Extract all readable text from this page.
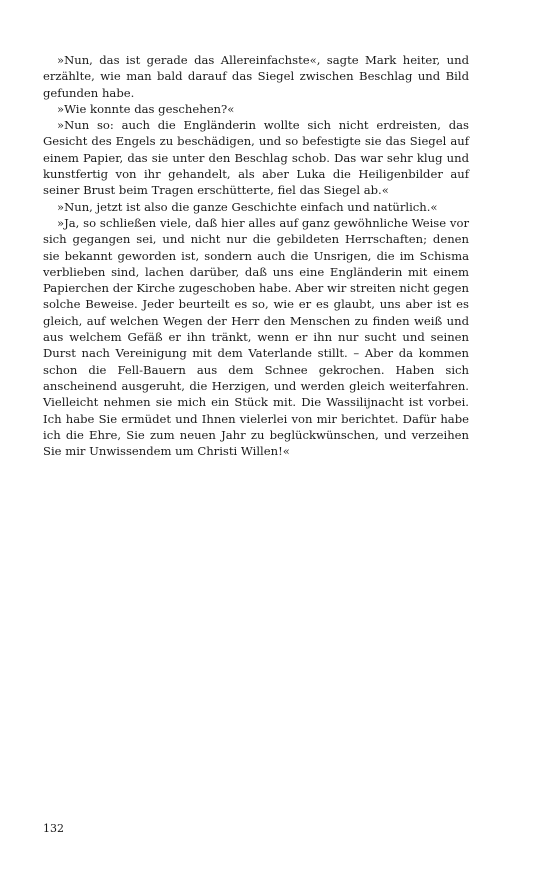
»Nun, das ist gerade das Allereinfachste«, sagte Mark heiter, und erzählte, wie man bald darauf das Siegel zwischen Beschlag und Bild gefunden habe.

»Wie konnte das geschehen?«

»Nun so: auch die Engländerin wollte sich nicht erdreisten, das Gesicht des Engels zu beschädigen, und so befestigte sie das Siegel auf einem Papier, das sie unter den Beschlag schob. Das war sehr klug und kunstfertig von ihr gehandelt, als aber Luka die Heiligenbilder auf seiner Brust beim Tragen erschütterte, fiel das Siegel ab.«

»Nun, jetzt ist also die ganze Geschichte einfach und natürlich.«

»Ja, so schließen viele, daß hier alles auf ganz gewöhnliche Weise vor sich gegangen sei, und nicht nur die gebildeten Herrschaften; denen sie bekannt geworden ist, sondern auch die Unsrigen, die im Schisma verblieben sind, lachen darüber, daß uns eine Engländerin mit einem Papierchen der Kirche zugeschoben habe. Aber wir streiten nicht gegen solche Beweise. Jeder beurteilt es so, wie er es glaubt, uns aber ist es gleich, auf welchen Wegen der Herr den Menschen zu finden weiß und aus welchem Gefäß er ihn tränkt, wenn er ihn nur sucht und seinen Durst nach Vereinigung mit dem Vaterlande stillt. – Aber da kommen schon die Fell-Bauern aus dem Schnee gekrochen. Haben sich anscheinend ausgeruht, die Herzigen, und werden gleich weiterfahren. Vielleicht nehmen sie mich ein Stück mit. Die Wassilijnacht ist vorbei. Ich habe Sie ermüdet und Ihnen vielerlei von mir berichtet. Dafür habe ich die Ehre, Sie zum neuen Jahr zu beglückwünschen, und verzeihen Sie mir Unwissendem um Christi Willen!«

132
